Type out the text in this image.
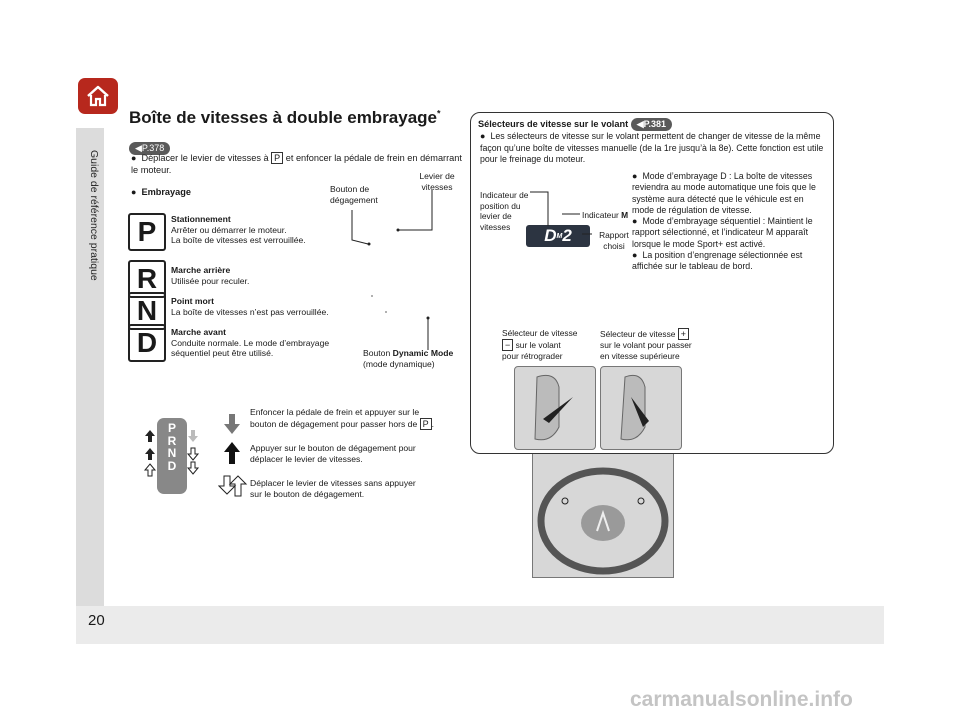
Guide de référence pratique
20
Boîte de vitesses à double embrayage*
◀P.378
● Déplacer le levier de vitesses à P et enfoncer la pédale de frein en démarrant le moteur.
● Embrayage	Bouton de dégagement
Levier de vitesses
Bouton Dynamic Mode
(mode dynamique)
P	Stationnement
Arrêter ou démarrer le moteur.
La boîte de vitesses est verrouillée.
R	Marche arrière
Utilisée pour reculer.
N	Point mort
La boîte de vitesses n’est pas verrouillée.
D	Marche avant
Conduite normale. Le mode d’embrayage
séquentiel peut être utilisé.
P
R
N
D
Enfoncer la pédale de frein et appuyer sur le
bouton de dégagement pour passer hors de P .
Appuyer sur le bouton de dégagement pour
déplacer le levier de vitesses.
Déplacer le levier de vitesses sans appuyer
sur le bouton de dégagement.
Sélecteurs de vitesse sur le volant ◀P.381
● Les sélecteurs de vitesse sur le volant permettent de changer de vitesse de la même façon qu’une boîte de vitesses manuelle (de la 1re jusqu’à la 8e). Cette fonction est utile pour le freinage du moteur.
Indicateur de position du levier de vitesses
Indicateur M
Rapport choisi
D M 2
● Mode d’embrayage D : La boîte de vitesses reviendra au mode automatique une fois que le système aura détecté que le véhicule est en mode de régulation de vitesse.
● Mode d’embrayage séquentiel : Maintient le rapport sélectionné, et l’indicateur M apparaît lorsque le mode Sport+ est activé.
● La position d’engrenage sélectionnée est affichée sur le tableau de bord.
Sélecteur de vitesse
− sur le volant
pour rétrograder
Sélecteur de vitesse +
sur le volant pour passer
en vitesse supérieure
carmanualsonline.info
